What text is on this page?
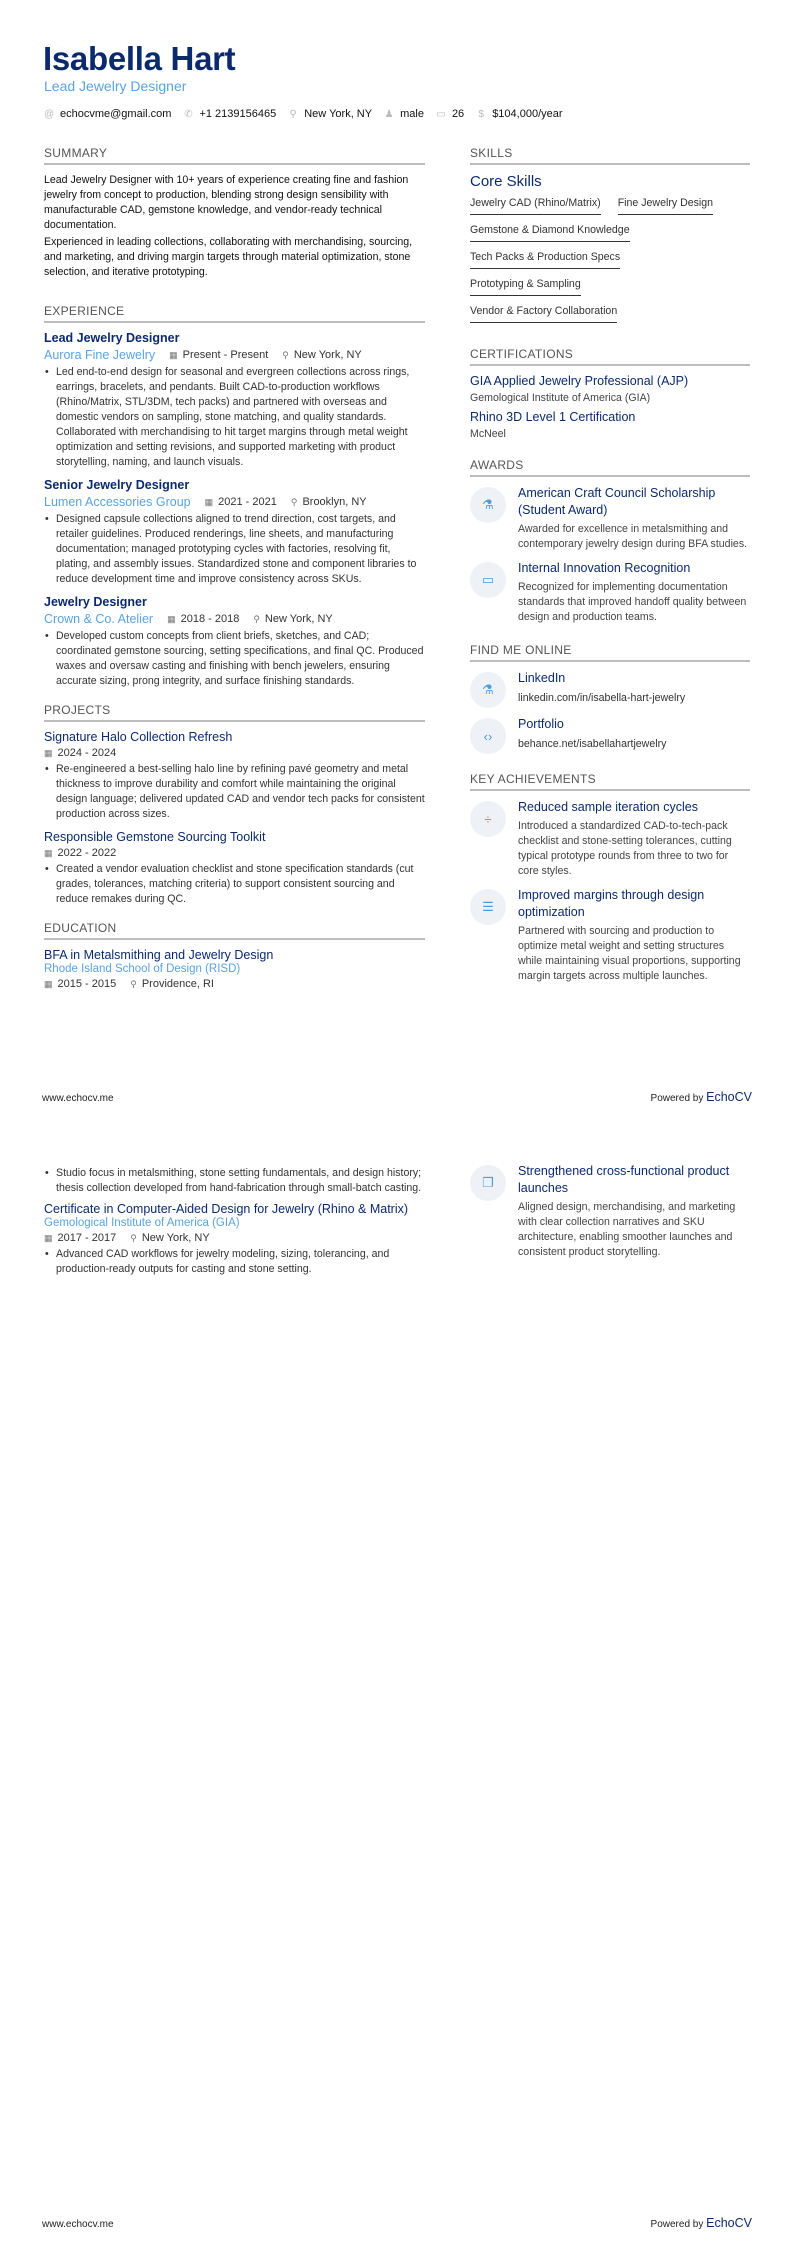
Isabella Hart
Lead Jewelry Designer
@ echocvme@gmail.com ✆ +1 2139156465 ⚲ New York, NY ♟ male ▭ 26 $ $104,000/year
SUMMARY

Lead Jewelry Designer with 10+ years of experience creating fine and fashion jewelry from concept to production, blending strong design sensibility with manufacturable CAD, gemstone knowledge, and vendor-ready technical documentation.

Experienced in leading collections, collaborating with merchandising, sourcing, and marketing, and driving margin targets through material optimization, stone selection, and iterative prototyping.

EXPERIENCE
Lead Jewelry Designer
Aurora Fine Jewelry ▦ Present - Present ⚲ New York, NY
• Led end-to-end design for seasonal and evergreen collections across rings, earrings, bracelets, and pendants. Built CAD-to-production workflows (Rhino/Matrix, STL/3DM, tech packs) and partnered with overseas and domestic vendors on sampling, stone matching, and quality standards. Collaborated with merchandising to hit target margins through metal weight optimization and setting revisions, and supported marketing with product storytelling, naming, and launch visuals.
Senior Jewelry Designer
Lumen Accessories Group ▦ 2021 - 2021 ⚲ Brooklyn, NY
• Designed capsule collections aligned to trend direction, cost targets, and retailer guidelines. Produced renderings, line sheets, and manufacturing documentation; managed prototyping cycles with factories, resolving fit, plating, and assembly issues. Standardized stone and component libraries to reduce development time and improve consistency across SKUs.
Jewelry Designer
Crown & Co. Atelier ▦ 2018 - 2018 ⚲ New York, NY
• Developed custom concepts from client briefs, sketches, and CAD; coordinated gemstone sourcing, setting specifications, and final QC. Produced waxes and oversaw casting and finishing with bench jewelers, ensuring accurate sizing, prong integrity, and surface finishing standards.
PROJECTS
Signature Halo Collection Refresh
▦ 2024 - 2024
• Re-engineered a best-selling halo line by refining pavé geometry and metal thickness to improve durability and comfort while maintaining the original design language; delivered updated CAD and vendor tech packs for consistent production across sizes.
Responsible Gemstone Sourcing Toolkit
▦ 2022 - 2022
• Created a vendor evaluation checklist and stone specification standards (cut grades, tolerances, matching criteria) to support consistent sourcing and reduce remakes during QC.
EDUCATION
BFA in Metalsmithing and Jewelry Design
Rhode Island School of Design (RISD)
▦ 2015 - 2015 ⚲ Providence, RI
SKILLS
Core Skills
Jewelry CAD (Rhino/Matrix) Fine Jewelry Design
Gemstone & Diamond Knowledge
Tech Packs & Production Specs
Prototyping & Sampling
Vendor & Factory Collaboration
CERTIFICATIONS
GIA Applied Jewelry Professional (AJP)
Gemological Institute of America (GIA)
Rhino 3D Level 1 Certification
McNeel
AWARDS
⚗
American Craft Council Scholarship (Student Award)
Awarded for excellence in metalsmithing and contemporary jewelry design during BFA studies.
▭
Internal Innovation Recognition
Recognized for implementing documentation standards that improved handoff quality between design and production teams.
FIND ME ONLINE
⚗
LinkedIn
linkedin.com/in/isabella-hart-jewelry
‹›
Portfolio
behance.net/isabellahartjewelry
KEY ACHIEVEMENTS
÷
Reduced sample iteration cycles
Introduced a standardized CAD-to-tech-pack checklist and stone-setting tolerances, cutting typical prototype rounds from three to two for core styles.
☰
Improved margins through design optimization
Partnered with sourcing and production to optimize metal weight and setting structures while maintaining visual proportions, supporting margin targets across multiple launches.
www.echocv.me	Powered by EchoCV
• Studio focus in metalsmithing, stone setting fundamentals, and design history; thesis collection developed from hand-fabrication through small-batch casting.
Certificate in Computer-Aided Design for Jewelry (Rhino & Matrix)
Gemological Institute of America (GIA)
▦ 2017 - 2017 ⚲ New York, NY
• Advanced CAD workflows for jewelry modeling, sizing, tolerancing, and production-ready outputs for casting and stone setting.
❐
Strengthened cross-functional product launches
Aligned design, merchandising, and marketing with clear collection narratives and SKU architecture, enabling smoother launches and consistent product storytelling.
www.echocv.me	Powered by EchoCV
